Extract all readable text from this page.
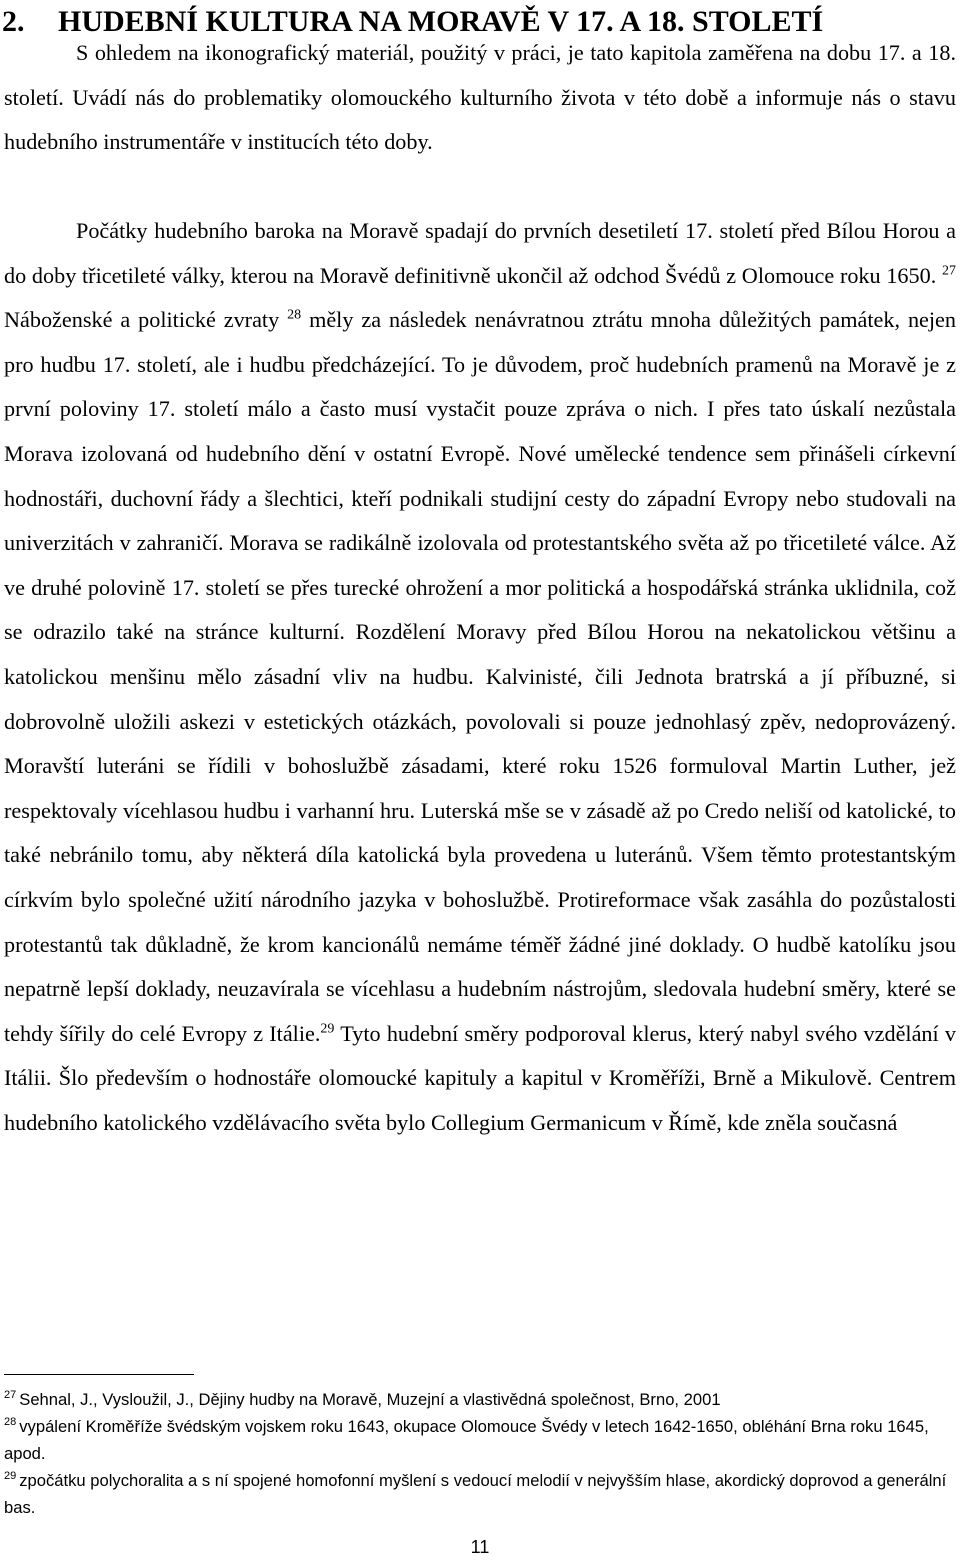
2. HUDEBNÍ KULTURA NA MORAVĚ V 17. A 18. STOLETÍ

S ohledem na ikonografický materiál, použitý v práci, je tato kapitola zaměřena na dobu 17. a 18. století. Uvádí nás do problematiky olomouckého kulturního života v této době a informuje nás o stavu hudebního instrumentáře v institucích této doby.

Počátky hudebního baroka na Moravě spadají do prvních desetiletí 17. století před Bílou Horou a do doby třicetileté války, kterou na Moravě definitivně ukončil až odchod Švédů z Olomouce roku 1650. $^{27}$ Náboženské a politické zvraty $^{28}$ měly za následek nenávratnou ztrátu mnoha důležitých památek, nejen pro hudbu 17. století, ale i hudbu předcházející. To je důvodem, proč hudebních pramenů na Moravě je z první poloviny 17. století málo a často musí vystačit pouze zpráva o nich. I přes tato úskalí nezůstala Morava izolovaná od hudebního dění v ostatní Evropě. Nové umělecké tendence sem přinášeli církevní hodnostáři, duchovní řády a šlechtici, kteří podnikali studijní cesty do západní Evropy nebo studovali na univerzitách v zahraničí. Morava se radikálně izolovala od protestantského světa až po třicetileté válce. Až ve druhé polovině 17. století se přes turecké ohrožení a mor politická a hospodářská stránka uklidnila, což se odrazilo také na stránce kulturní. Rozdělení Moravy před Bílou Horou na nekatolickou většinu a katolickou menšinu mělo zásadní vliv na hudbu. Kalvinisté, čili Jednota bratrská a jí příbuzné, si dobrovolně uložili askezi v estetických otázkách, povolovali si pouze jednohlasý zpěv, nedoprovázený. Moravští luteráni se řídili v bohoslužbě zásadami, které roku 1526 formuloval Martin Luther, jež respektovaly vícehlasou hudbu i varhanní hru. Luterská mše se v zásadě až po Credo neliší od katolické, to také nebránilo tomu, aby některá díla katolická byla provedena u luteránů. Všem těmto protestantským církvím bylo společné užití národního jazyka v bohoslužbě. Protireformace však zasáhla do pozůstalosti protestantů tak důkladně, že krom kancionálů nemáme téměř žádné jiné doklady. O hudbě katolíku jsou nepatrně lepší doklady, neuzavírala se vícehlasu a hudebním nástrojům, sledovala hudební směry, které se tehdy šířily do celé Evropy z Itálie.$^{29}$ Tyto hudební směry podporoval klerus, který nabyl svého vzdělání v Itálii. Šlo především o hodnostáře olomoucké kapituly a kapitul v Kroměříži, Brně a Mikulově. Centrem hudebního katolického vzdělávacího světa bylo Collegium Germanicum v Římě, kde zněla současná

$^{27}$ Sehnal, J., Vysloužil, J., Dějiny hudby na Moravě, Muzejní a vlastivědná společnost, Brno, 2001

$^{28}$ vypálení Kroměříže švédským vojskem roku 1643, okupace Olomouce Švédy v letech 1642-1650, obléhání Brna roku 1645, apod.

$^{29}$ zpočátku polychoralita a s ní spojené homofonní myšlení s vedoucí melodií v nejvyšším hlase, akordický doprovod a generální bas.

11
